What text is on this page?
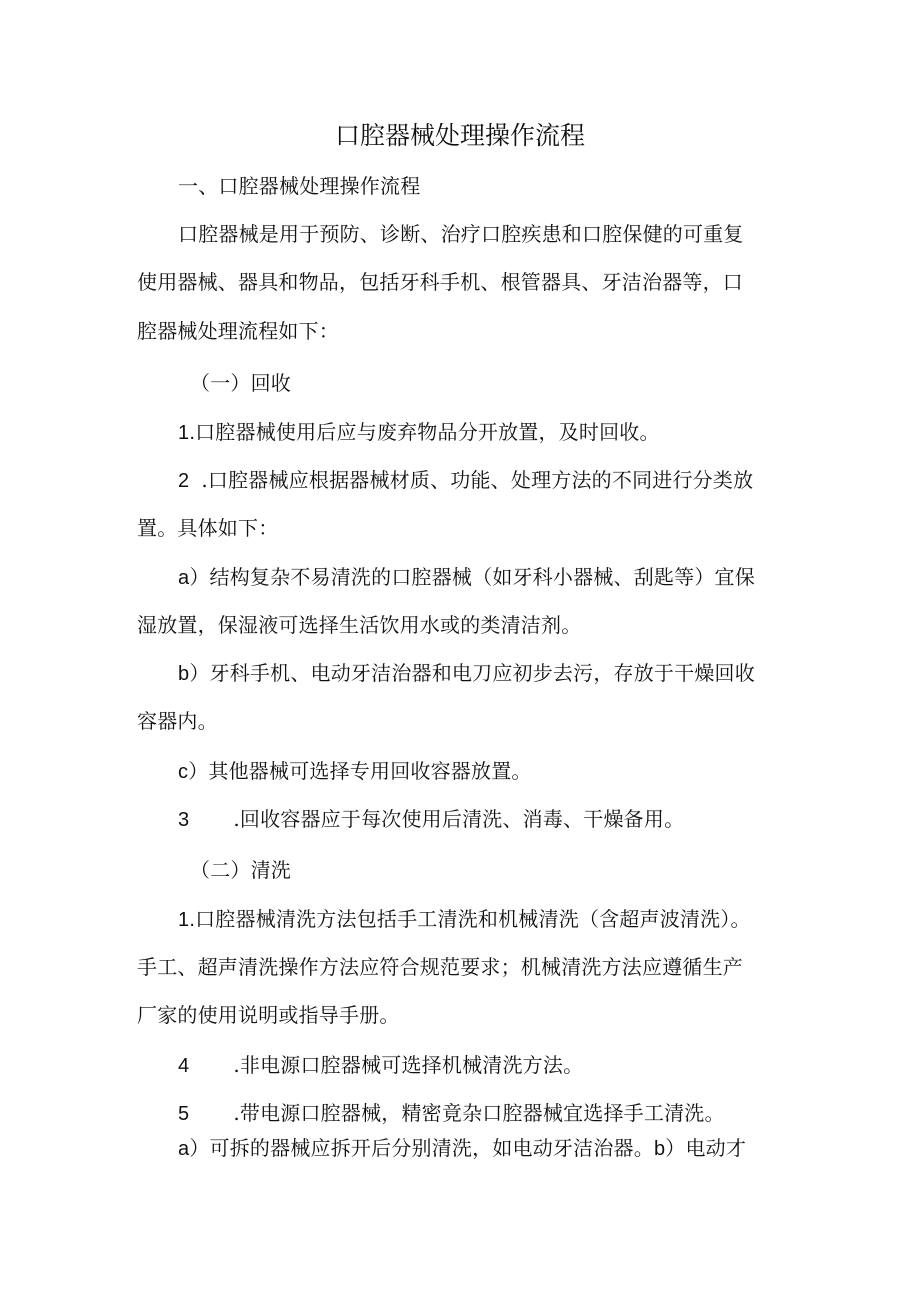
口腔器械处理操作流程
一、口腔器械处理操作流程
口腔器械是用于预防、诊断、治疗口腔疾患和口腔保健的可重复
使用器械、器具和物品，包括牙科手机、根管器具、牙洁治器等，口
腔器械处理流程如下：
（一）回收
1.口腔器械使用后应与废弃物品分开放置，及时回收。
2 .口腔器械应根据器械材质、功能、处理方法的不同进行分类放
置。具体如下：
a）结构复杂不易清洗的口腔器械（如牙科小器械、刮匙等）宜保
湿放置，保湿液可选择生活饮用水或的类清洁剂。
b）牙科手机、电动牙洁治器和电刀应初步去污，存放于干燥回收
容器内。
c）其他器械可选择专用回收容器放置。
3 .回收容器应于每次使用后清洗、消毒、干燥备用。
（二）清洗
1.口腔器械清洗方法包括手工清洗和机械清洗（含超声波清洗）。
手工、超声清洗操作方法应符合规范要求；机械清洗方法应遵循生产
厂家的使用说明或指导手册。
4 .非电源口腔器械可选择机械清洗方法。
5 .带电源口腔器械，精密竟杂口腔器械宜选择手工清洗。
a）可拆的器械应拆开后分别清洗，如电动牙洁治器。b）电动才
